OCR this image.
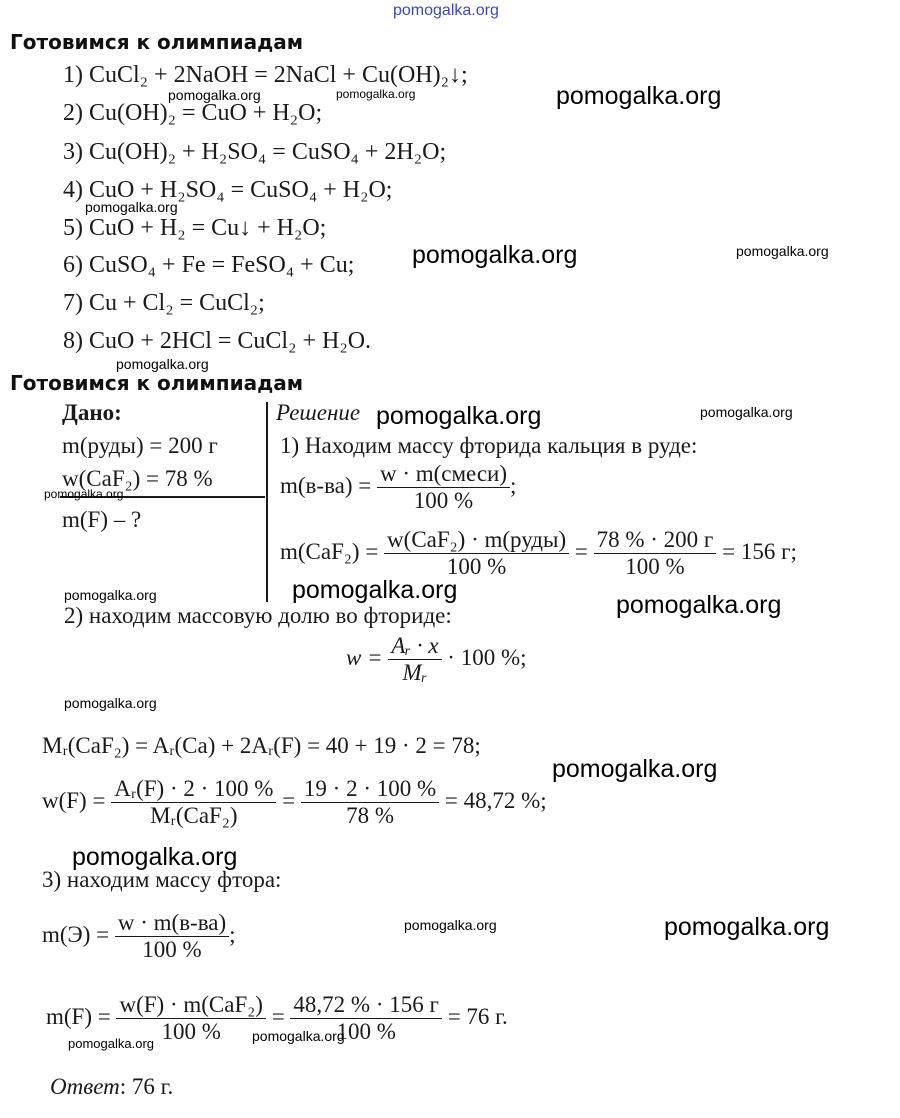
pomogalka.org
Готовимся к олимпиадам
1) CuCl₂ + 2NaOH = 2NaCl + Cu(OH)₂↓;
2) Cu(OH)₂ = CuO + H₂O;
3) Cu(OH)₂ + H₂SO₄ = CuSO₄ + 2H₂O;
4) CuO + H₂SO₄ = CuSO₄ + H₂O;
5) CuO + H₂ = Cu↓ + H₂O;
6) CuSO₄ + Fe = FeSO₄ + Cu;
7) Cu + Cl₂ = CuCl₂;
8) CuO + 2HCl = CuCl₂ + H₂O.
Готовимся к олимпиадам
Дано:
m(руды) = 200 г
w(CaF₂) = 78 %
m(F) – ?
Решение
1) Находим массу фторида кальция в руде:
$m(в-ва) = \frac{\text{w · m(смеси)}}{100 \%}$ ;
$m(CaF_2) = \frac{\text{w(CaF₂) · m(руды)}}{100 \%} = \frac{78 \% \cdot 200 г}{100 \%} = 156$ г;
2) находим массовую долю во фториде:
$w = \frac{\text{Aᵣ · x}}{\text{Mᵣ}} \cdot 100$ %;
Mᵣ(CaF₂) = Aᵣ(Ca) + 2Aᵣ(F) = 40 + 19 · 2 = 78;
$w(F) = \frac{\text{Aᵣ(F) · 2 · 100 \%}}{\text{Mᵣ(CaF₂)}} = \frac{19 \cdot 2 \cdot 100 \%}{78 \%} = 48,72$ %;
3) находим массу фтора:
$m(Э) = \frac{w \cdot m(в-ва)}{100 \%}$ ;
$m(F) = \frac{\text{w(F) · m(CaF₂)}}{100 \%} = \frac{48,72 \% \cdot 156 г}{100 \%} = 76$ г.
Ответ: 76 г.
pomogalka.org	pomogalka.org	pomogalka.org
pomogalka.org
pomogalka.org	pomogalka.org
pomogalka.org
pomogalka.org	pomogalka.org
pomogalka.org
pomogalka.org	pomogalka.org
pomogalka.org
pomogalka.org
pomogalka.org
pomogalka.org
pomogalka.org	pomogalka.org
pomogalka.org	pomogalka.org
